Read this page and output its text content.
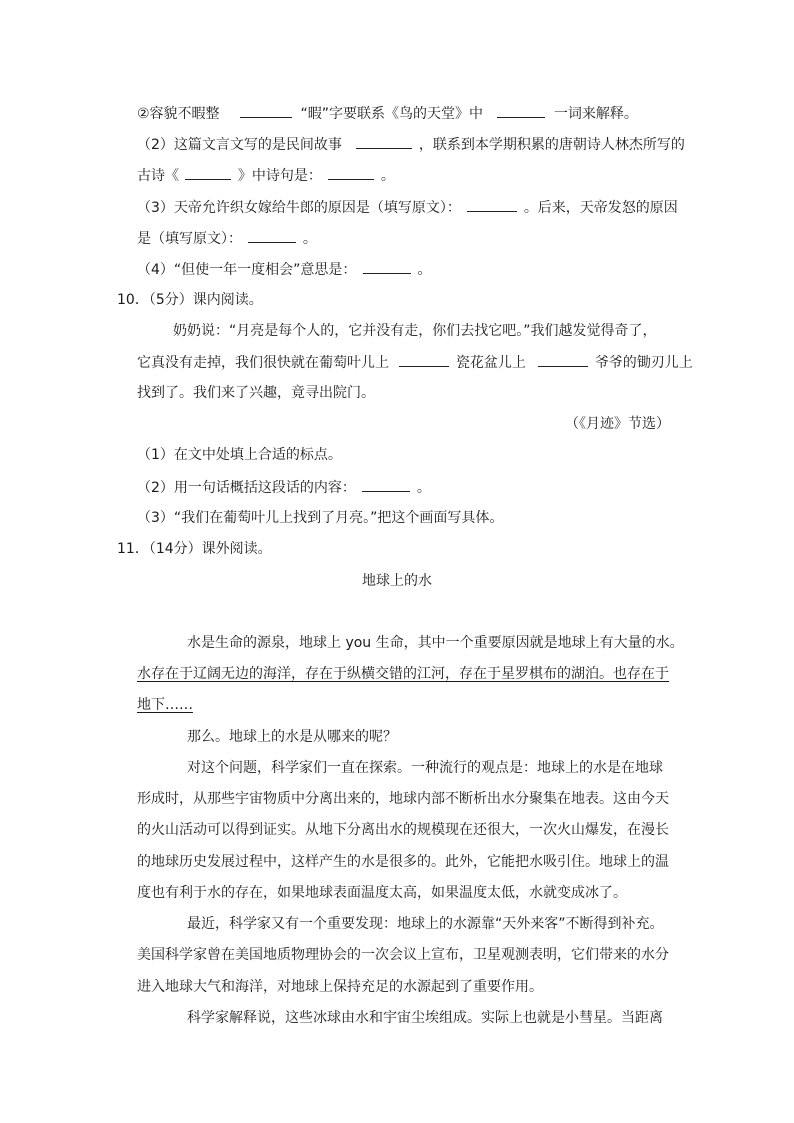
②容貌不暇整	“暇”字要联系《鸟的天堂》中	一词来解释。
（2）这篇文言文写的是民间故事	，联系到本学期积累的唐朝诗人林杰所写的
古诗《	》中诗句是：	。
（3）天帝允许织女嫁给牛郎的原因是（填写原文）：	。后来，天帝发怒的原因
是（填写原文）：	。
（4）“但使一年一度相会”意思是：	。
10．（5分）课内阅读。
奶奶说：“月亮是每个人的，它并没有走，你们去找它吧。”我们越发觉得奇了，
它真没有走掉，我们很快就在葡萄叶儿上	瓷花盆儿上	爷爷的锄刃儿上
找到了。我们来了兴趣，竟寻出院门。
（《月迹》节选）
（1）在文中处填上合适的标点。
（2）用一句话概括这段话的内容：	。
（3）“我们在葡萄叶儿上找到了月亮。”把这个画面写具体。
11．（14分）课外阅读。
地球上的水
水是生命的源泉，地球上 you 生命，其中一个重要原因就是地球上有大量的水。
水存在于辽阔无边的海洋，存在于纵横交错的江河，存在于星罗棋布的湖泊。也存在于
地下……
那么。地球上的水是从哪来的呢？
对这个问题，科学家们一直在探索。一种流行的观点是：地球上的水是在地球
形成时，从那些宇宙物质中分离出来的，地球内部不断析出水分聚集在地表。这由今天
的火山活动可以得到证实。从地下分离出水的规模现在还很大，一次火山爆发，在漫长
的地球历史发展过程中，这样产生的水是很多的。此外，它能把水吸引住。地球上的温
度也有利于水的存在，如果地球表面温度太高，如果温度太低，水就变成冰了。
最近，科学家又有一个重要发现：地球上的水源靠“天外来客”不断得到补充。
美国科学家曾在美国地质物理协会的一次会议上宣布，卫星观测表明，它们带来的水分
进入地球大气和海洋，对地球上保持充足的水源起到了重要作用。
科学家解释说，这些冰球由水和宇宙尘埃组成。实际上也就是小彗星。当距离
